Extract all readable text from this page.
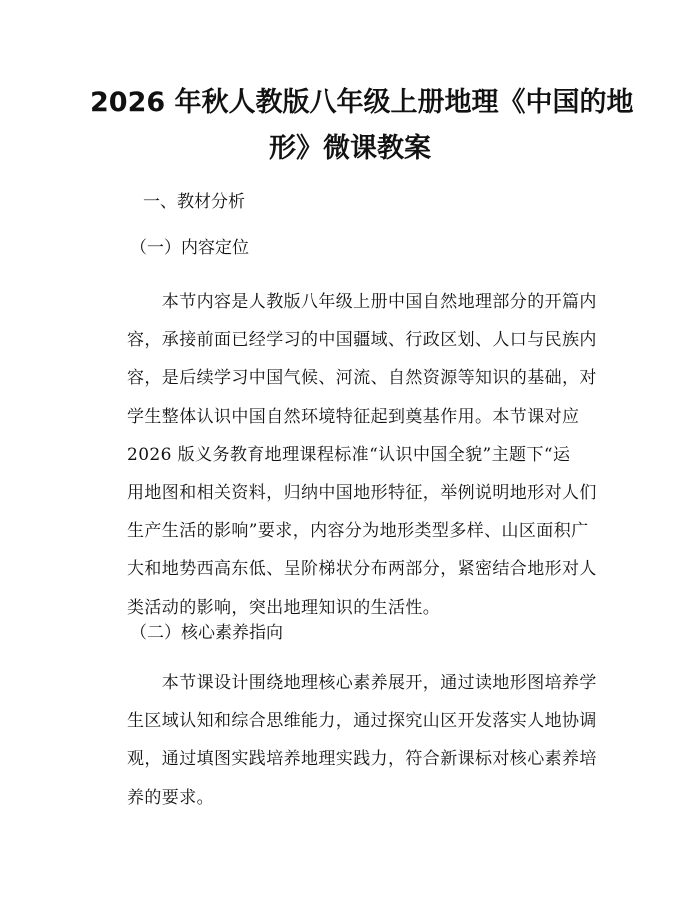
2026 年秋人教版八年级上册地理《中国的地
形》微课教案

一、教材分析

（一）内容定位

　　本节内容是人教版八年级上册中国自然地理部分的开篇内
容，承接前面已经学习的中国疆域、行政区划、人口与民族内
容，是后续学习中国气候、河流、自然资源等知识的基础，对
学生整体认识中国自然环境特征起到奠基作用。本节课对应
2026 版义务教育地理课程标准“认识中国全貌”主题下“运
用地图和相关资料，归纳中国地形特征，举例说明地形对人们
生产生活的影响”要求，内容分为地形类型多样、山区面积广
大和地势西高东低、呈阶梯状分布两部分，紧密结合地形对人
类活动的影响，突出地理知识的生活性。

（二）核心素养指向

　　本节课设计围绕地理核心素养展开，通过读地形图培养学
生区域认知和综合思维能力，通过探究山区开发落实人地协调
观，通过填图实践培养地理实践力，符合新课标对核心素养培
养的要求。
